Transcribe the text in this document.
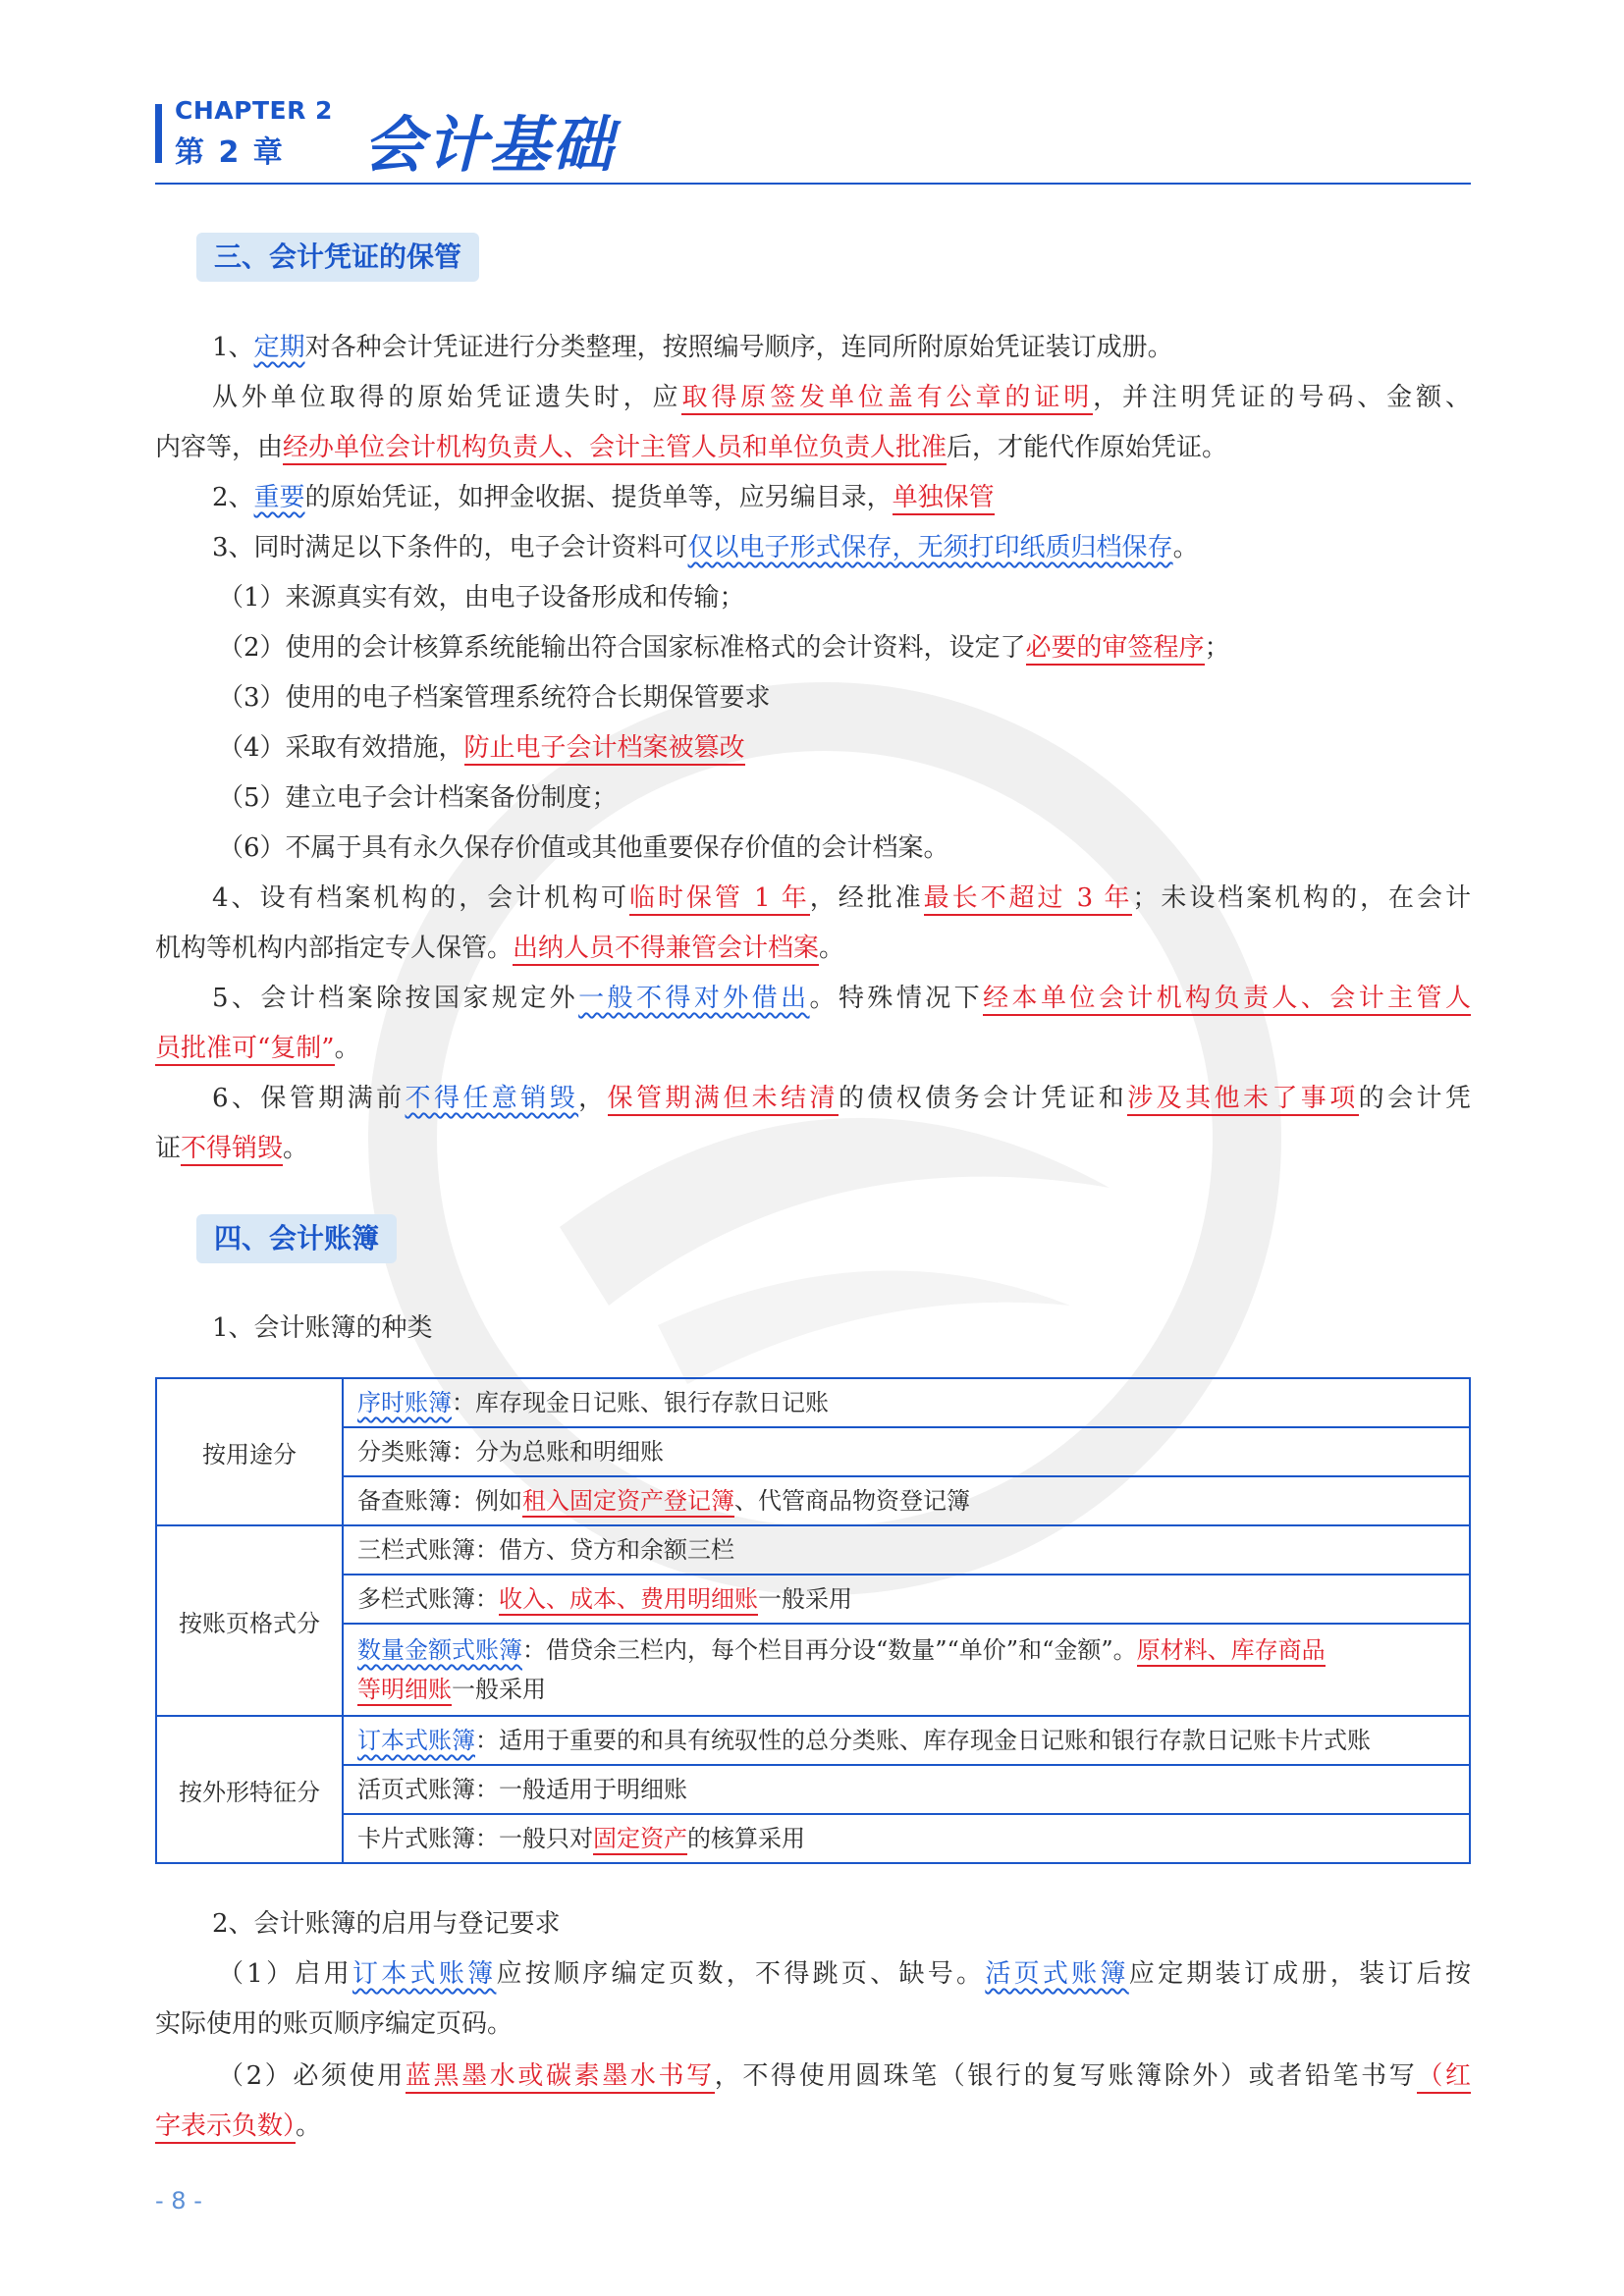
CHAPTER 2
第 2 章 会计基础
三、会计凭证的保管
1、定期对各种会计凭证进行分类整理，按照编号顺序，连同所附原始凭证装订成册。
从外单位取得的原始凭证遗失时，应取得原签发单位盖有公章的证明，并注明凭证的号码、金额、
内容等，由经办单位会计机构负责人、会计主管人员和单位负责人批准后，才能代作原始凭证。
2、重要的原始凭证，如押金收据、提货单等，应另编目录，单独保管
3、同时满足以下条件的，电子会计资料可仅以电子形式保存，无须打印纸质归档保存。
（1）来源真实有效，由电子设备形成和传输；
（2）使用的会计核算系统能输出符合国家标准格式的会计资料，设定了必要的审签程序；
（3）使用的电子档案管理系统符合长期保管要求
（4）采取有效措施，防止电子会计档案被篡改
（5）建立电子会计档案备份制度；
（6）不属于具有永久保存价值或其他重要保存价值的会计档案。
4、设有档案机构的，会计机构可临时保管 1 年，经批准最长不超过 3 年；未设档案机构的，在会计
机构等机构内部指定专人保管。出纳人员不得兼管会计档案。
5、会计档案除按国家规定外一般不得对外借出。特殊情况下经本单位会计机构负责人、会计主管人
员批准可“复制”。
6、保管期满前不得任意销毁，保管期满但未结清的债权债务会计凭证和涉及其他未了事项的会计凭
证不得销毁。
四、会计账簿
1、会计账簿的种类
按用途分	序时账簿：库存现金日记账、银行存款日记账
	分类账簿：分为总账和明细账
	备查账簿：例如租入固定资产登记簿、代管商品物资登记簿
按账页格式分	三栏式账簿：借方、贷方和余额三栏
	多栏式账簿：收入、成本、费用明细账一般采用
	数量金额式账簿：借贷余三栏内，每个栏目再分设“数量”“单价”和“金额”。原材料、库存商品
等明细账一般采用
按外形特征分	订本式账簿：适用于重要的和具有统驭性的总分类账、库存现金日记账和银行存款日记账卡片式账
	活页式账簿：一般适用于明细账
	卡片式账簿：一般只对固定资产的核算采用
2、会计账簿的启用与登记要求
（1）启用订本式账簿应按顺序编定页数，不得跳页、缺号。活页式账簿应定期装订成册，装订后按
实际使用的账页顺序编定页码。
（2）必须使用蓝黑墨水或碳素墨水书写，不得使用圆珠笔（银行的复写账簿除外）或者铅笔书写（红
字表示负数）。
- 8 -
